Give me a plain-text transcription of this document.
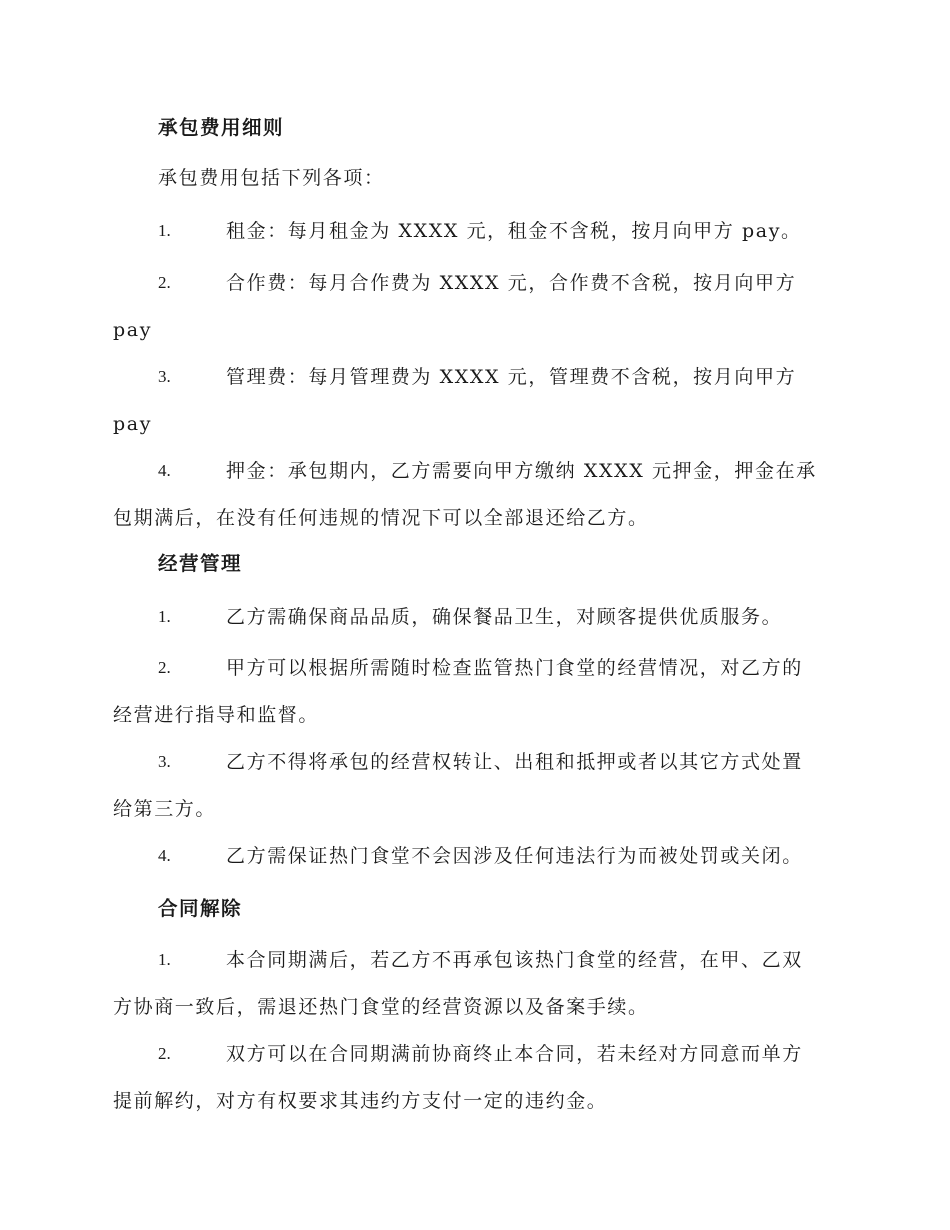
承包费用细则
承包费用包括下列各项：
1.	租金：每月租金为 XXXX 元，租金不含税，按月向甲方 pay。
2.	合作费：每月合作费为 XXXX 元，合作费不含税，按月向甲方
pay
3.	管理费：每月管理费为 XXXX 元，管理费不含税，按月向甲方
pay
4.	押金：承包期内，乙方需要向甲方缴纳 XXXX 元押金，押金在承
包期满后，在没有任何违规的情况下可以全部退还给乙方。
经营管理
1.	乙方需确保商品品质，确保餐品卫生，对顾客提供优质服务。
2.	甲方可以根据所需随时检查监管热门食堂的经营情况，对乙方的
经营进行指导和监督。
3.	乙方不得将承包的经营权转让、出租和抵押或者以其它方式处置
给第三方。
4.	乙方需保证热门食堂不会因涉及任何违法行为而被处罚或关闭。
合同解除
1.	本合同期满后，若乙方不再承包该热门食堂的经营，在甲、乙双
方协商一致后，需退还热门食堂的经营资源以及备案手续。
2.	双方可以在合同期满前协商终止本合同，若未经对方同意而单方
提前解约，对方有权要求其违约方支付一定的违约金。
